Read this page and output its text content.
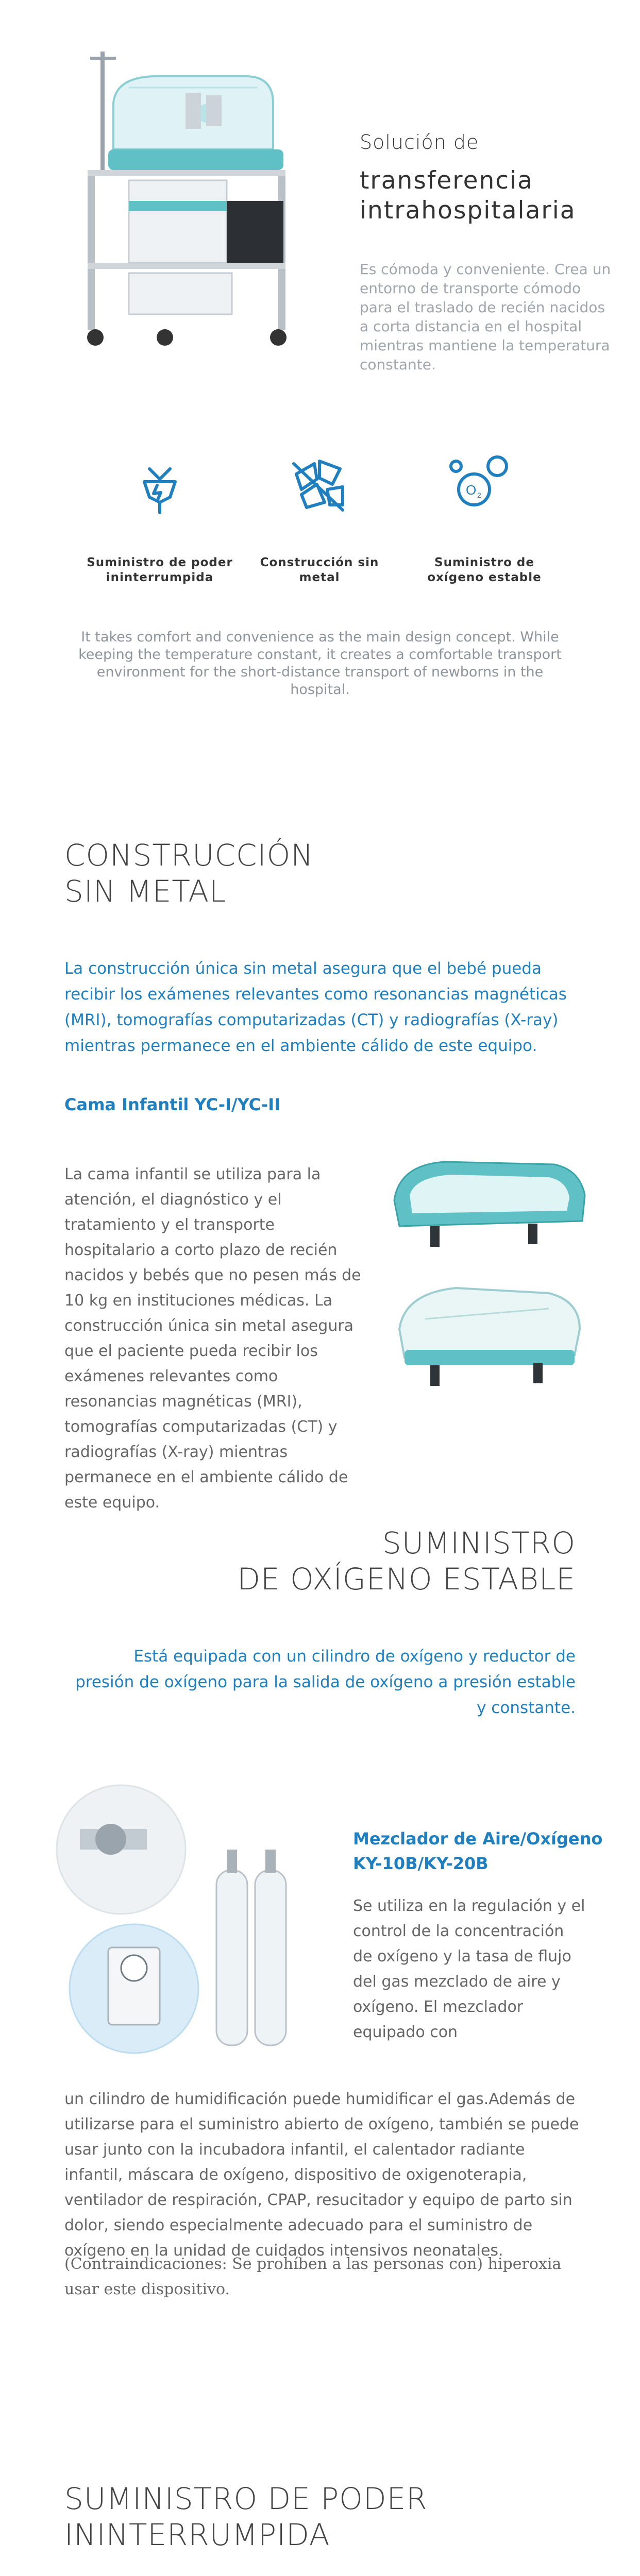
Solución de
transferencia
intrahospitalaria
Es cómoda y conveniente. Crea un entorno de transporte cómodo para el traslado de recién nacidos a corta distancia en el hospital mientras mantiene la temperatura constante.
Suministro de poder ininterrumpida
Construcción sin metal
O 2
Suministro de oxígeno estable
It takes comfort and convenience as the main design concept. While keeping the temperature constant, it creates a comfortable transport environment for the short-distance transport of newborns in the hospital.
CONSTRUCCIÓN
SIN METAL
La construcción única sin metal asegura que el bebé pueda recibir los exámenes relevantes como resonancias magnéticas (MRI), tomografías computarizadas (CT) y radiografías (X-ray) mientras permanece en el ambiente cálido de este equipo.
Cama Infantil YC-I/YC-II
La cama infantil se utiliza para la atención, el diagnóstico y el tratamiento y el transporte hospitalario a corto plazo de recién nacidos y bebés que no pesen más de 10 kg en instituciones médicas. La construcción única sin metal asegura que el paciente pueda recibir los exámenes relevantes como resonancias magnéticas (MRI), tomografías computarizadas (CT) y radiografías (X-ray) mientras permanece en el ambiente cálido de este equipo.
SUMINISTRO
DE OXÍGENO ESTABLE
Está equipada con un cilindro de oxígeno y reductor de presión de oxígeno para la salida de oxígeno a presión estable y constante.
Mezclador de Aire/Oxígeno
KY-10B/KY-20B
Se utiliza en la regulación y el control de la concentración de oxígeno y la tasa de flujo del gas mezclado de aire y oxígeno. El mezclador equipado con
un cilindro de humidificación puede humidificar el gas.Además de utilizarse para el suministro abierto de oxígeno, también se puede usar junto con la incubadora infantil, el calentador radiante infantil, máscara de oxígeno, dispositivo de oxigenoterapia, ventilador de respiración, CPAP, resucitador y equipo de parto sin dolor, siendo especialmente adecuado para el suministro de oxígeno en la unidad de cuidados intensivos neonatales.
(Contraindicaciones: Se prohíben a las personas con) hiperoxia usar este dispositivo.
SUMINISTRO DE PODER
ININTERRUMPIDA
